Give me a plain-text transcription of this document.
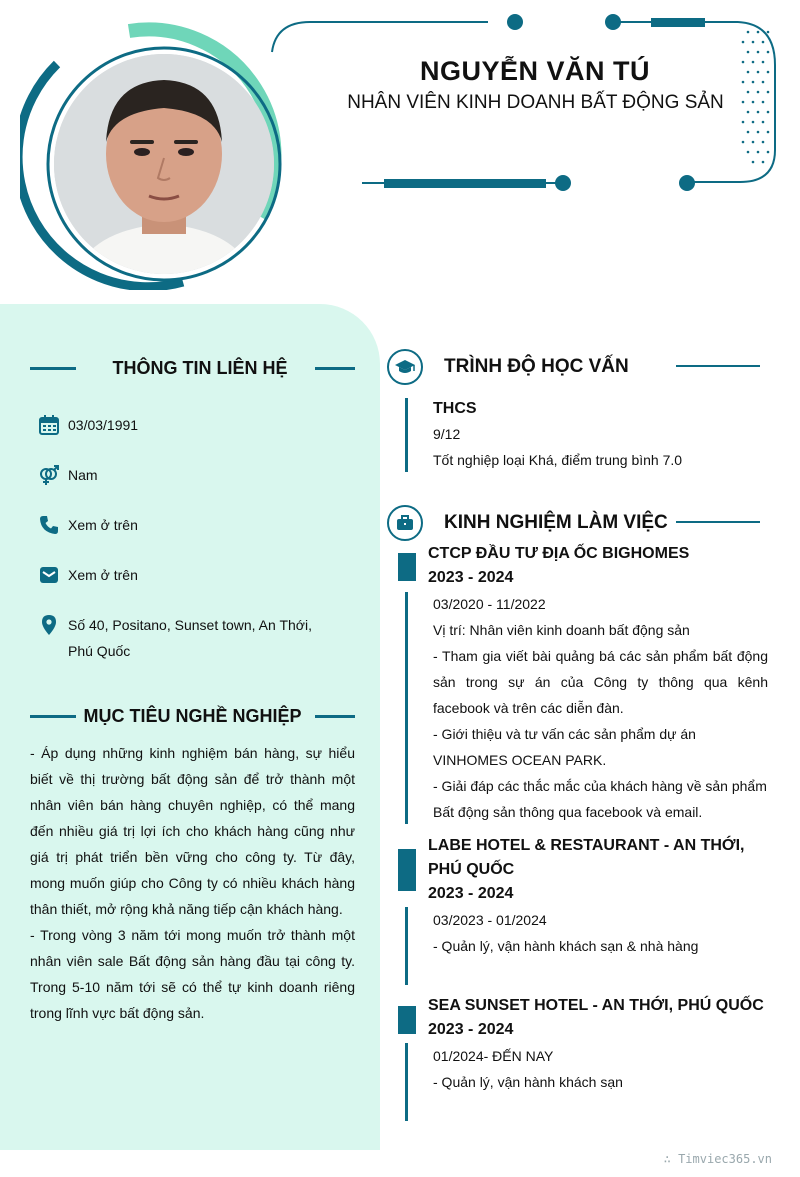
NGUYỄN VĂN TÚ
NHÂN VIÊN KINH DOANH BẤT ĐỘNG SẢN
THÔNG TIN LIÊN HỆ
03/03/1991
Nam
Xem ở trên
Xem ở trên
Số 40, Positano, Sunset town, An Thới, Phú Quốc
MỤC TIÊU NGHỀ NGHIỆP

- Áp dụng những kinh nghiệm bán hàng, sự hiểu biết về thị trường bất động sản để trở thành một nhân viên bán hàng chuyên nghiệp, có thể mang đến nhiều giá trị lợi ích cho khách hàng cũng như giá trị phát triển bền vững cho công ty. Từ đây, mong muốn giúp cho Công ty có nhiều khách hàng thân thiết, mở rộng khả năng tiếp cận khách hàng.

- Trong vòng 3 năm tới mong muốn trở thành một nhân viên sale Bất động sản hàng đầu tại công ty. Trong 5-10 năm tới sẽ có thể tự kinh doanh riêng trong lĩnh vực bất động sản.

TRÌNH ĐỘ HỌC VẤN
THCS
9/12
Tốt nghiệp loại Khá, điểm trung bình 7.0
KINH NGHIỆM LÀM VIỆC
CTCP ĐẦU TƯ ĐỊA ỐC BIGHOMES
2023 - 2024
03/2020 - 11/2022
Vị trí: Nhân viên kinh doanh bất động sản
- Tham gia viết bài quảng bá các sản phẩm bất động sản trong sự án của Công ty thông qua kênh facebook và trên các diễn đàn.
- Giới thiệu và tư vấn các sản phẩm dự án VINHOMES OCEAN PARK.
- Giải đáp các thắc mắc của khách hàng về sản phẩm Bất động sản thông qua facebook và email.
LABE HOTEL & RESTAURANT - AN THỚI, PHÚ QUỐC
2023 - 2024
03/2023 - 01/2024
- Quản lý, vận hành khách sạn & nhà hàng
SEA SUNSET HOTEL - AN THỚI, PHÚ QUỐC
2023 - 2024
01/2024- ĐẾN NAY
- Quản lý, vận hành khách sạn
∴ Timviec365.vn
